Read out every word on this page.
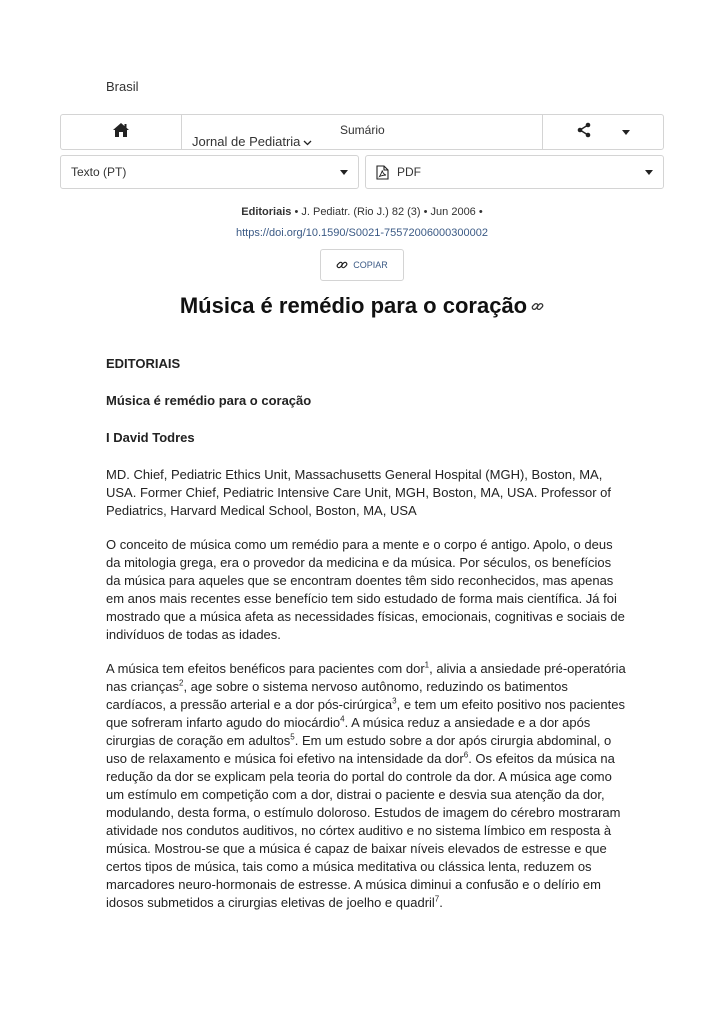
Brasil
Sumário
Jornal de Pediatria
Texto (PT)	PDF
Editoriais • J. Pediatr. (Rio J.) 82 (3) • Jun 2006 •
https://doi.org/10.1590/S0021-75572006000300002
COPIAR
Música é remédio para o coração
EDITORIAIS
Música é remédio para o coração
I David Todres

MD. Chief, Pediatric Ethics Unit, Massachusetts General Hospital (MGH), Boston, MA, USA. Former Chief, Pediatric Intensive Care Unit, MGH, Boston, MA, USA. Professor of Pediatrics, Harvard Medical School, Boston, MA, USA

O conceito de música como um remédio para a mente e o corpo é antigo. Apolo, o deus da mitologia grega, era o provedor da medicina e da música. Por séculos, os benefícios da música para aqueles que se encontram doentes têm sido reconhecidos, mas apenas em anos mais recentes esse benefício tem sido estudado de forma mais científica. Já foi mostrado que a música afeta as necessidades físicas, emocionais, cognitivas e sociais de indivíduos de todas as idades.

A música tem efeitos benéficos para pacientes com dor$^1$, alivia a ansiedade pré-operatória nas crianças$^2$, age sobre o sistema nervoso autônomo, reduzindo os batimentos cardíacos, a pressão arterial e a dor pós-cirúrgica$^3$, e tem um efeito positivo nos pacientes que sofreram infarto agudo do miocárdio$^4$. A música reduz a ansiedade e a dor após cirurgias de coração em adultos$^5$. Em um estudo sobre a dor após cirurgia abdominal, o uso de relaxamento e música foi efetivo na intensidade da dor$^6$. Os efeitos da música na redução da dor se explicam pela teoria do portal do controle da dor. A música age como um estímulo em competição com a dor, distrai o paciente e desvia sua atenção da dor, modulando, desta forma, o estímulo doloroso. Estudos de imagem do cérebro mostraram atividade nos condutos auditivos, no córtex auditivo e no sistema límbico em resposta à música. Mostrou-se que a música é capaz de baixar níveis elevados de estresse e que certos tipos de música, tais como a música meditativa ou clássica lenta, reduzem os marcadores neuro-hormonais de estresse. A música diminui a confusão e o delírio em idosos submetidos a cirurgias eletivas de joelho e quadril$^7$.
